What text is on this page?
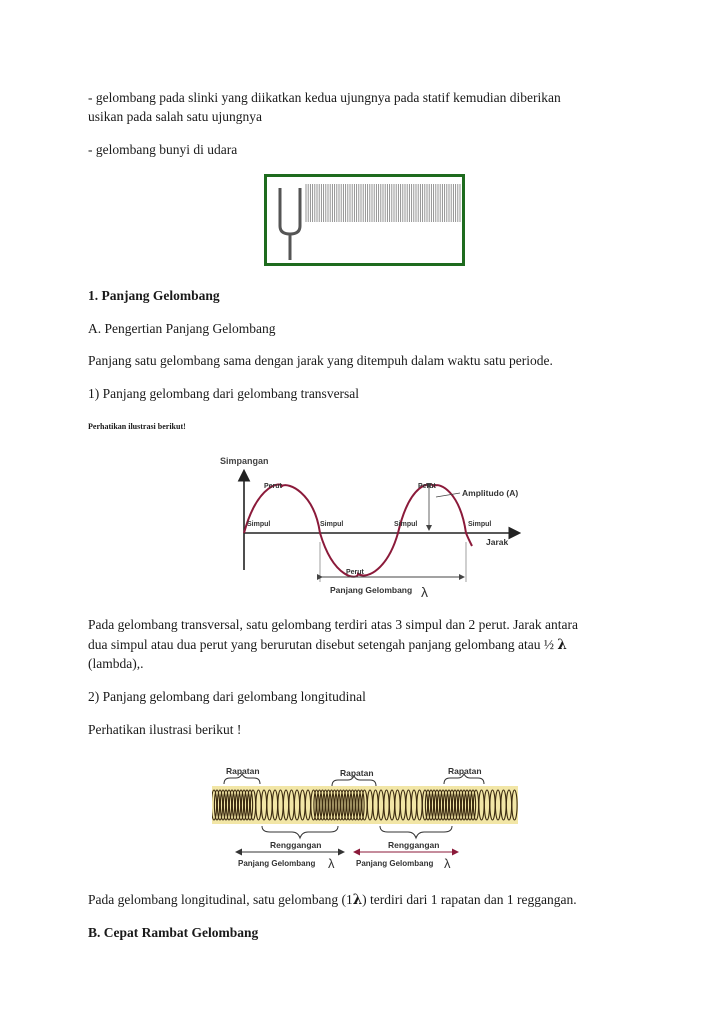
- gelombang pada slinki yang diikatkan kedua ujungnya pada statif kemudian diberikan
usikan pada salah satu ujungnya
- gelombang bunyi di udara
1. Panjang Gelombang
A. Pengertian Panjang Gelombang
Panjang satu gelombang sama dengan jarak yang ditempuh dalam waktu satu periode.
1) Panjang gelombang dari gelombang transversal
Perhatikan ilustrasi berikut!
Simpangan
Perut	Perut
Perut
Simpul	Simpul	Simpul	Simpul
Amplitudo (A)
Jarak
Panjang Gelombang λ
Pada gelombang transversal, satu gelombang terdiri atas 3 simpul dan 2 perut. Jarak antara
dua simpul atau dua perut yang berurutan disebut setengah panjang gelombang atau ½ λ
(lambda),.
2) Panjang gelombang dari gelombang longitudinal
Perhatikan ilustrasi berikut !
Rapatan	Rapatan	Rapatan
Renggangan	Renggangan
Panjang Gelombang λ	Panjang Gelombang λ
Pada gelombang longitudinal, satu gelombang (1λ) terdiri dari 1 rapatan dan 1 reggangan.
B. Cepat Rambat Gelombang
